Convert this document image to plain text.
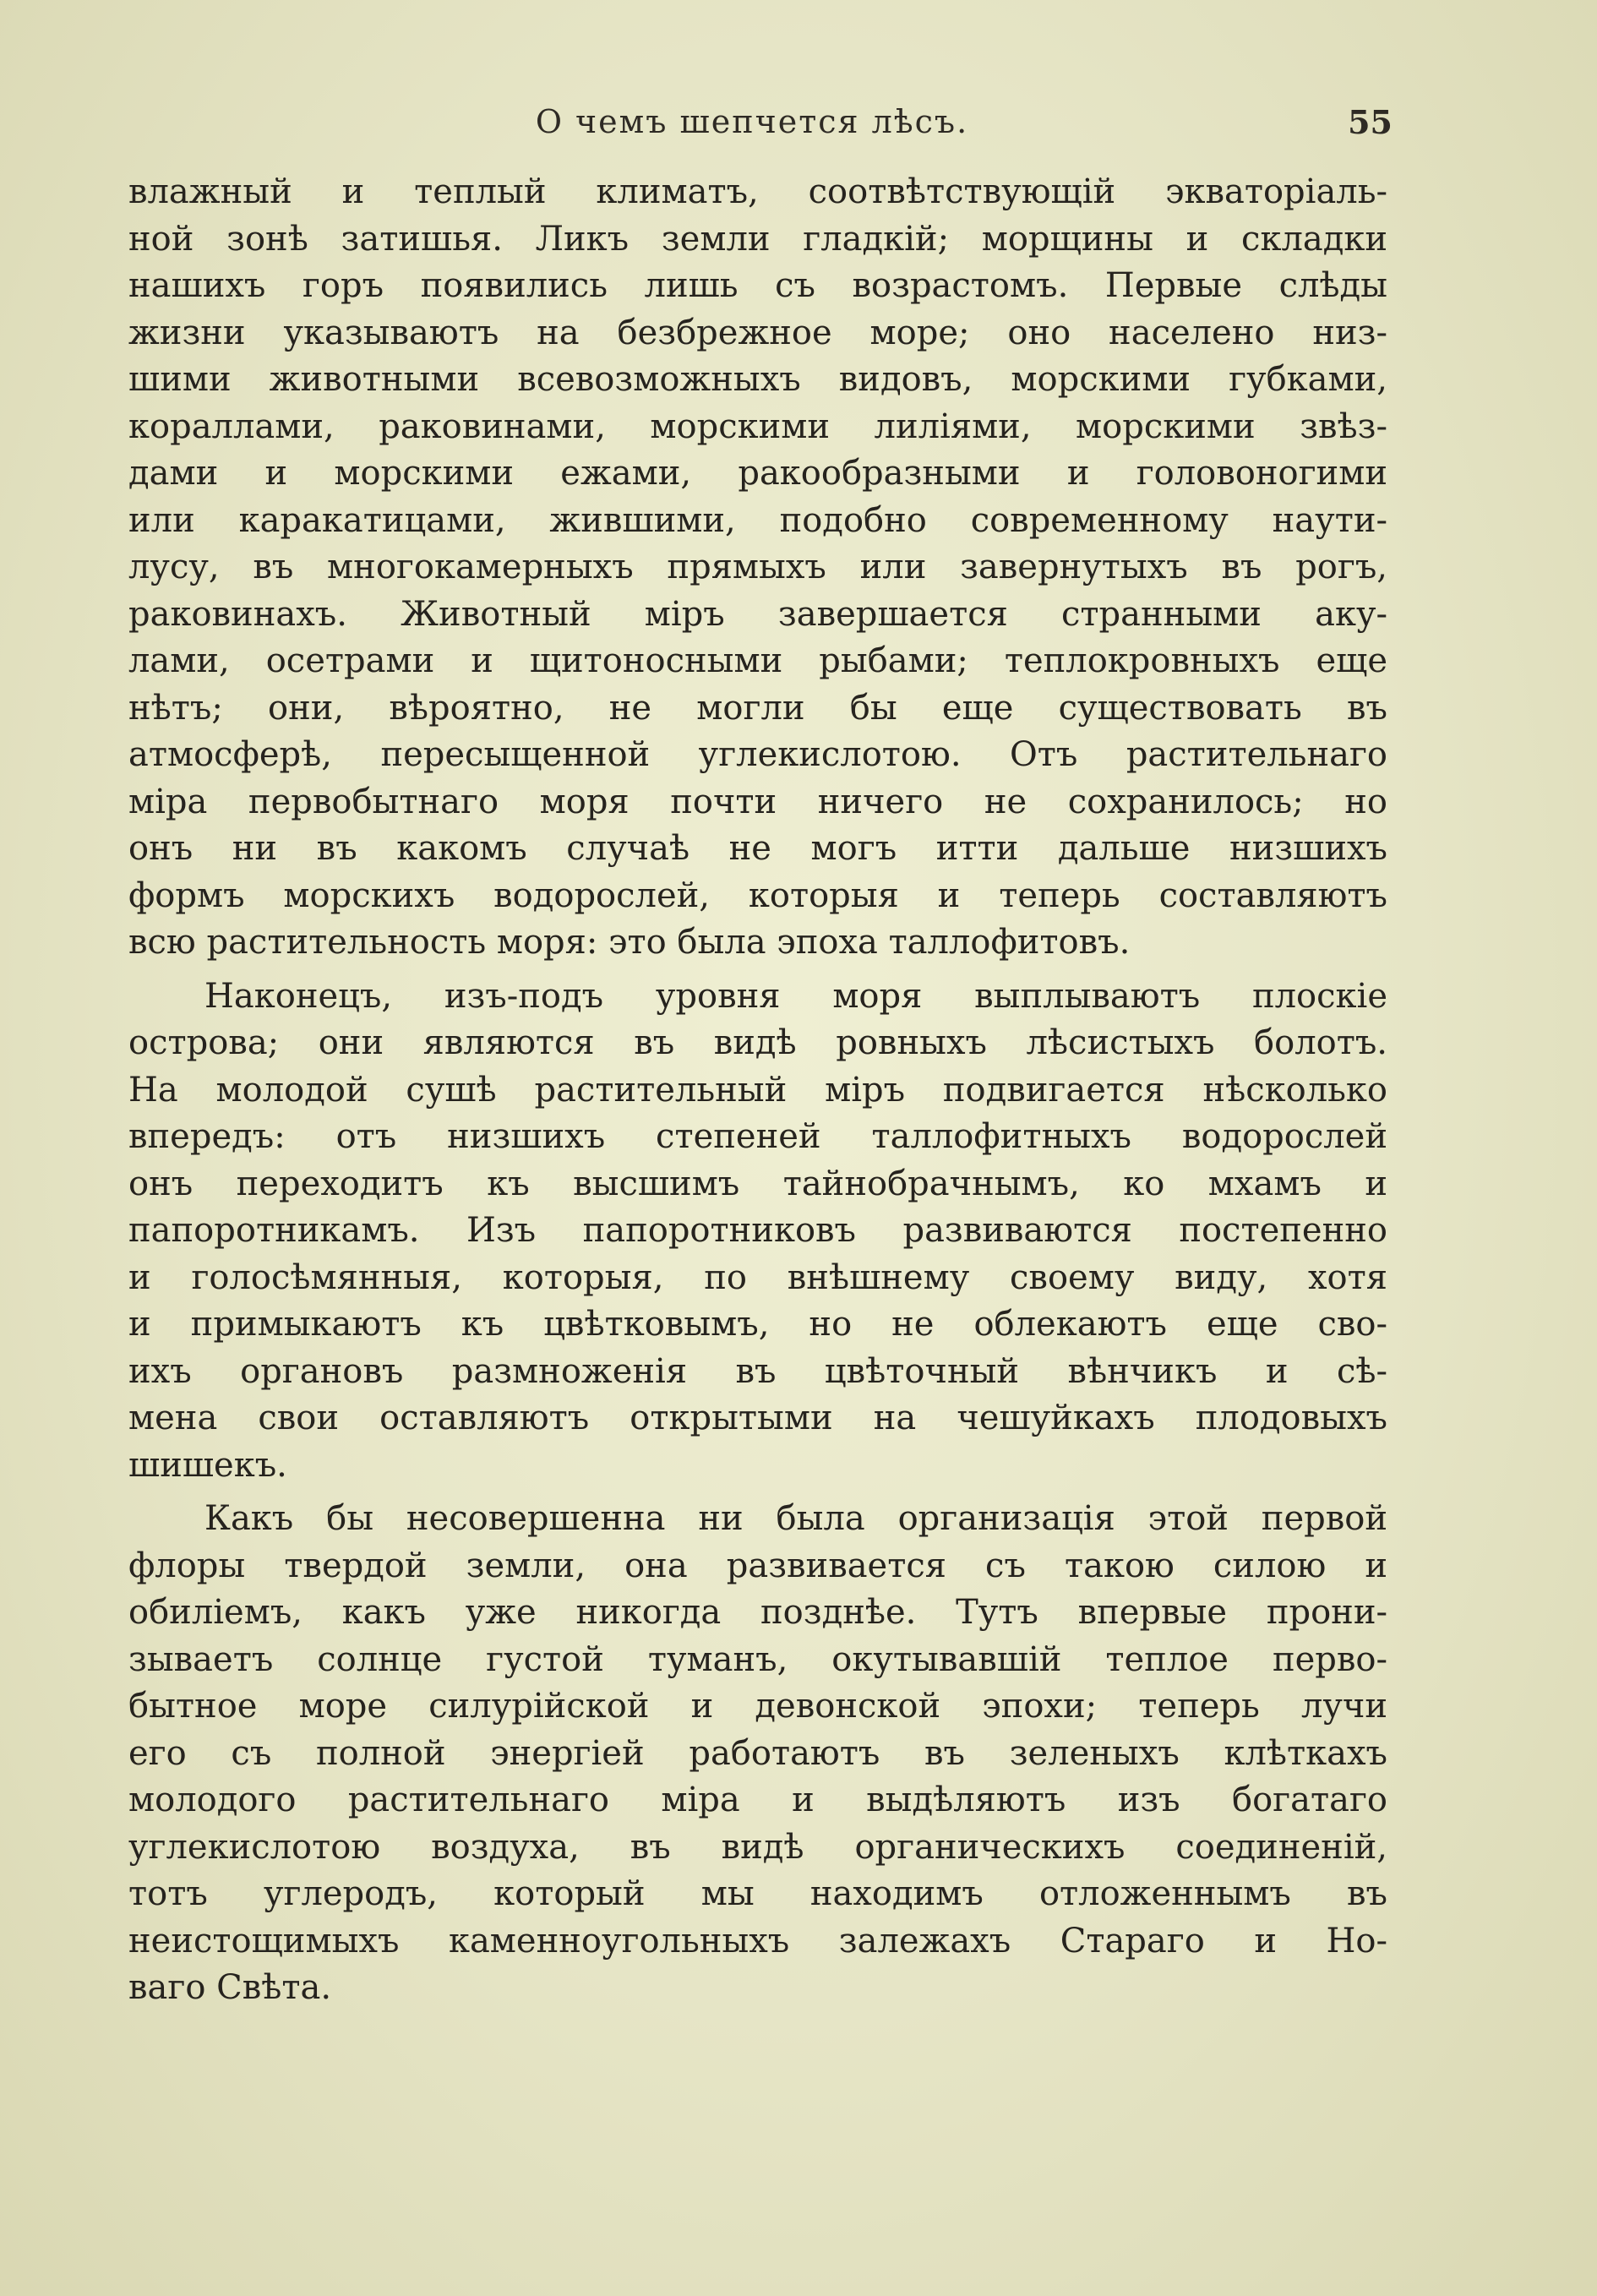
О чемъ шепчется лѣсъ.	55
влажный и теплый климатъ, соотвѣтствующій экваторіаль-
ной зонѣ затишья. Ликъ земли гладкій; морщины и складки
нашихъ горъ появились лишь съ возрастомъ. Первые слѣды
жизни указываютъ на безбрежное море; оно населено низ-
шими животными всевозможныхъ видовъ, морскими губками,
кораллами, раковинами, морскими лиліями, морскими звѣз-
дами и морскими ежами, ракообразными и головоногими
или каракатицами, жившими, подобно современному наути-
лусу, въ многокамерныхъ прямыхъ или завернутыхъ въ рогъ,
раковинахъ. Животный міръ завершается странными аку-
лами, осетрами и щитоносными рыбами; теплокровныхъ еще
нѣтъ; они, вѣроятно, не могли бы еще существовать въ
атмосферѣ, пересыщенной углекислотою. Отъ растительнаго
міра первобытнаго моря почти ничего не сохранилось; но
онъ ни въ какомъ случаѣ не могъ итти дальше низшихъ
формъ морскихъ водорослей, которыя и теперь составляютъ
всю растительность моря: это была эпоха таллофитовъ.
Наконецъ, изъ-подъ уровня моря выплываютъ плоскіе
острова; они являются въ видѣ ровныхъ лѣсистыхъ болотъ.
На молодой сушѣ растительный міръ подвигается нѣсколько
впередъ: отъ низшихъ степеней таллофитныхъ водорослей
онъ переходитъ къ высшимъ тайнобрачнымъ, ко мхамъ и
папоротникамъ. Изъ папоротниковъ развиваются постепенно
и голосѣмянныя, которыя, по внѣшнему своему виду, хотя
и примыкаютъ къ цвѣтковымъ, но не облекаютъ еще сво-
ихъ органовъ размноженія въ цвѣточный вѣнчикъ и сѣ-
мена свои оставляютъ открытыми на чешуйкахъ плодовыхъ
шишекъ.
Какъ бы несовершенна ни была организація этой первой
флоры твердой земли, она развивается съ такою силою и
обиліемъ, какъ уже никогда позднѣе. Тутъ впервые прони-
зываетъ солнце густой туманъ, окутывавшій теплое перво-
бытное море силурійской и девонской эпохи; теперь лучи
его съ полной энергіей работаютъ въ зеленыхъ клѣткахъ
молодого растительнаго міра и выдѣляютъ изъ богатаго
углекислотою воздуха, въ видѣ органическихъ соединеній,
тотъ углеродъ, который мы находимъ отложеннымъ въ
неистощимыхъ каменноугольныхъ залежахъ Стараго и Но-
ваго Свѣта.
